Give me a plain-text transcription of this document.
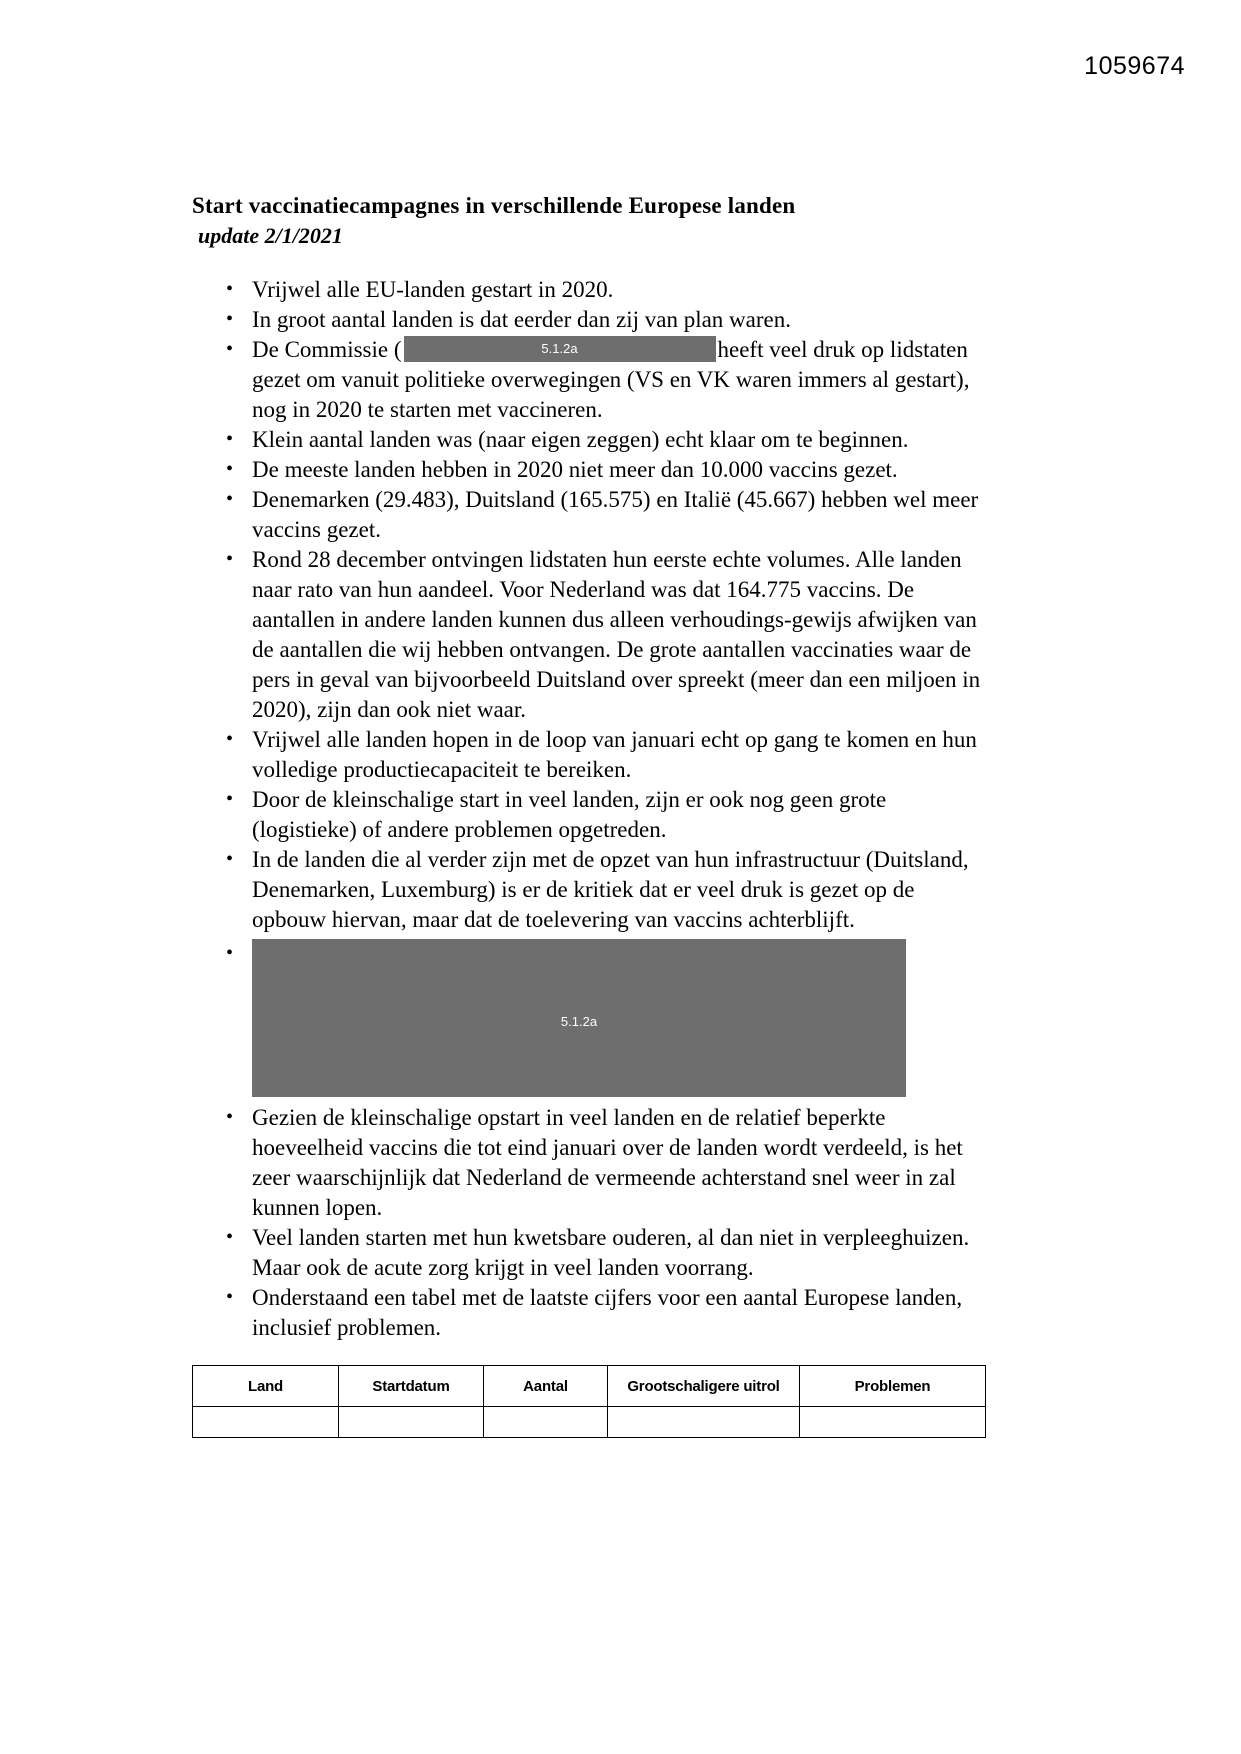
1059674
Start vaccinatiecampagnes in verschillende Europese landen
update 2/1/2021
• Vrijwel alle EU-landen gestart in 2020.
• In groot aantal landen is dat eerder dan zij van plan waren.
• De Commissie (	5.1.2a	heeft veel druk op lidstaten gezet om vanuit politieke overwegingen (VS en VK waren immers al gestart), nog in 2020 te starten met vaccineren.
• Klein aantal landen was (naar eigen zeggen) echt klaar om te beginnen.
• De meeste landen hebben in 2020 niet meer dan 10.000 vaccins gezet.
• Denemarken (29.483), Duitsland (165.575) en Italië (45.667) hebben wel meer vaccins gezet.
• Rond 28 december ontvingen lidstaten hun eerste echte volumes. Alle landen naar rato van hun aandeel. Voor Nederland was dat 164.775 vaccins. De aantallen in andere landen kunnen dus alleen verhoudings-gewijs afwijken van de aantallen die wij hebben ontvangen. De grote aantallen vaccinaties waar de pers in geval van bijvoorbeeld Duitsland over spreekt (meer dan een miljoen in 2020), zijn dan ook niet waar.
• Vrijwel alle landen hopen in de loop van januari echt op gang te komen en hun volledige productiecapaciteit te bereiken.
• Door de kleinschalige start in veel landen, zijn er ook nog geen grote (logistieke) of andere problemen opgetreden.
• In de landen die al verder zijn met de opzet van hun infrastructuur (Duitsland, Denemarken, Luxemburg) is er de kritiek dat er veel druk is gezet op de opbouw hiervan, maar dat de toelevering van vaccins achterblijft.
• 5.1.2a
• Gezien de kleinschalige opstart in veel landen en de relatief beperkte hoeveelheid vaccins die tot eind januari over de landen wordt verdeeld, is het zeer waarschijnlijk dat Nederland de vermeende achterstand snel weer in zal kunnen lopen.
• Veel landen starten met hun kwetsbare ouderen, al dan niet in verpleeghuizen. Maar ook de acute zorg krijgt in veel landen voorrang.
• Onderstaand een tabel met de laatste cijfers voor een aantal Europese landen, inclusief problemen.
Land	Startdatum	Aantal	Grootschaligere uitrol	Problemen
